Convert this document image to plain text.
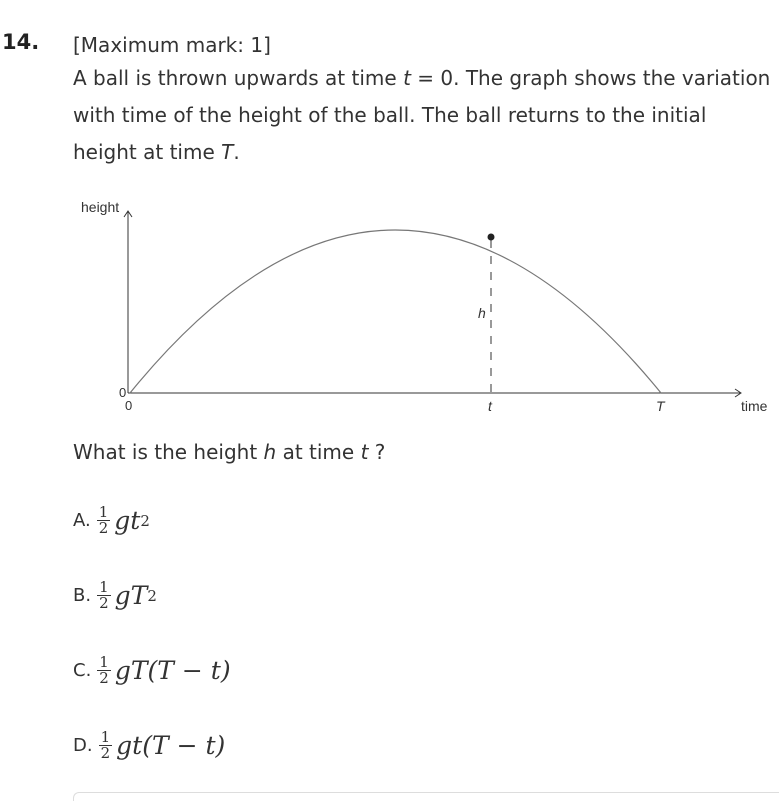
14. [Maximum mark: 1]

A ball is thrown upwards at time t = 0. The graph shows the variation with time of the height of the ball. The ball returns to the initial height at time T.

height
time
0
0
h
t	T
What is the height h at time t ?
A. $\frac{1}{2}$ gt 2
B. $\frac{1}{2}$ gT 2
C. $\frac{1}{2} gT(T - t)$
D. $\frac{1}{2} gt(T - t)$
